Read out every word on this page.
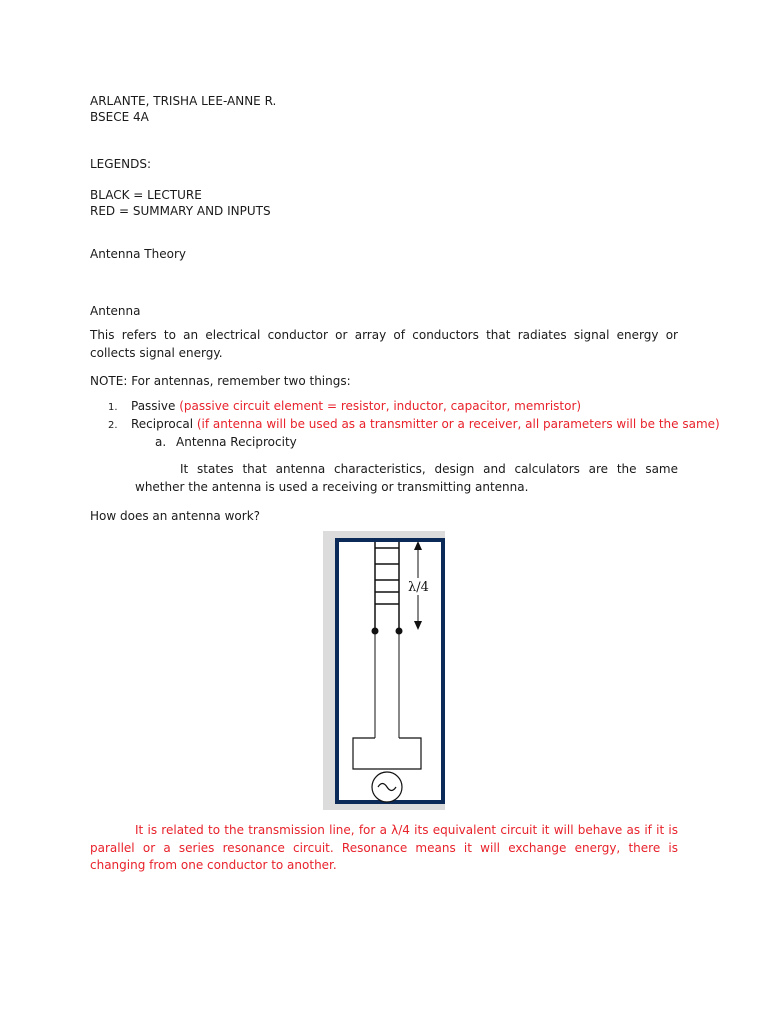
ARLANTE, TRISHA LEE-ANNE R.
BSECE 4A
LEGENDS:
BLACK = LECTURE
RED = SUMMARY AND INPUTS
Antenna Theory
Antenna
This refers to an electrical conductor or array of conductors that radiates signal energy or collects signal energy.
NOTE: For antennas, remember two things:
1. Passive (passive circuit element = resistor, inductor, capacitor, memristor)
2. Reciprocal (if antenna will be used as a transmitter or a receiver, all parameters will be the same)
a. Antenna Reciprocity
It states that antenna characteristics, design and calculators are the same whether the antenna is used a receiving or transmitting antenna.
How does an antenna work?
λ/4
It is related to the transmission line, for a λ/4 its equivalent circuit it will behave as if it is parallel or a series resonance circuit. Resonance means it will exchange energy, there is changing from one conductor to another.
